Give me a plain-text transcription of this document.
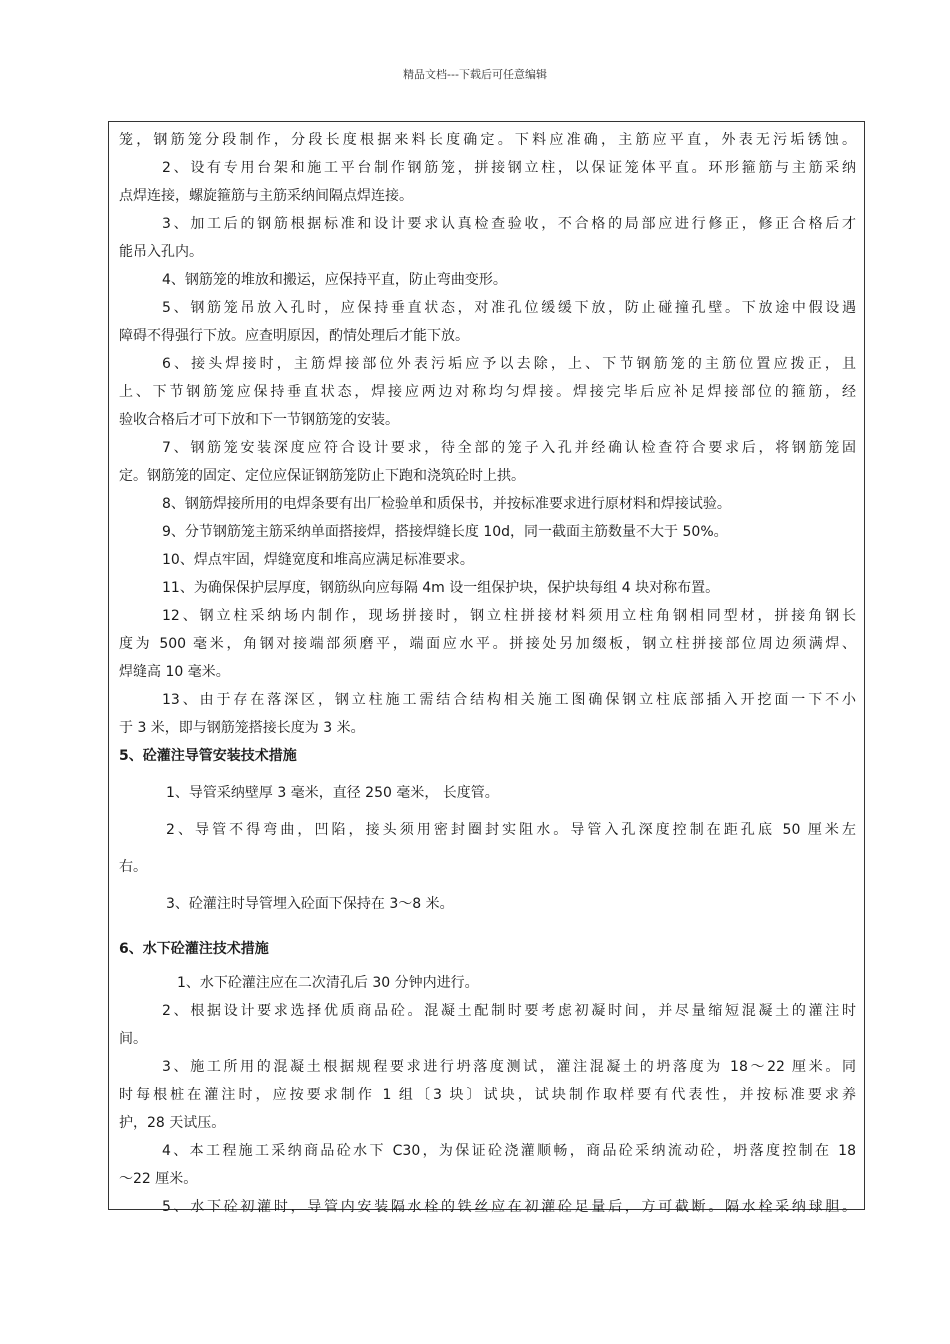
精品文档---下载后可任意编辑
笼，钢筋笼分段制作，分段长度根据来料长度确定。下料应准确，主筋应平直，外表无污垢锈蚀。
2、设有专用台架和施工平台制作钢筋笼，拼接钢立柱，以保证笼体平直。环形箍筋与主筋采纳
点焊连接，螺旋箍筋与主筋采纳间隔点焊连接。
3、加工后的钢筋根据标准和设计要求认真检查验收，不合格的局部应进行修正，修正合格后才
能吊入孔内。
4、钢筋笼的堆放和搬运，应保持平直，防止弯曲变形。
5、钢筋笼吊放入孔时，应保持垂直状态，对准孔位缓缓下放，防止碰撞孔壁。下放途中假设遇
障碍不得强行下放。应查明原因，酌情处理后才能下放。
6、接头焊接时，主筋焊接部位外表污垢应予以去除，上、下节钢筋笼的主筋位置应拨正，且
上、下节钢筋笼应保持垂直状态，焊接应两边对称均匀焊接。焊接完毕后应补足焊接部位的箍筋，经
验收合格后才可下放和下一节钢筋笼的安装。
7、钢筋笼安装深度应符合设计要求，待全部的笼子入孔并经确认检查符合要求后，将钢筋笼固
定。钢筋笼的固定、定位应保证钢筋笼防止下跑和浇筑砼时上拱。
8、钢筋焊接所用的电焊条要有出厂检验单和质保书，并按标准要求进行原材料和焊接试验。
9、分节钢筋笼主筋采纳单面搭接焊，搭接焊缝长度 10d，同一截面主筋数量不大于 50%。
10、焊点牢固，焊缝宽度和堆高应满足标准要求。
11、为确保保护层厚度，钢筋纵向应每隔 4m 设一组保护块，保护块每组 4 块对称布置。
12、钢立柱采纳场内制作，现场拼接时，钢立柱拼接材料须用立柱角钢相同型材，拼接角钢长
度为 500 毫米，角钢对接端部须磨平，端面应水平。拼接处另加缀板，钢立柱拼接部位周边须满焊、
焊缝高 10 毫米。
13、由于存在落深区，钢立柱施工需结合结构相关施工图确保钢立柱底部插入开挖面一下不小
于 3 米，即与钢筋笼搭接长度为 3 米。
5、砼灌注导管安装技术措施
1、导管采纳壁厚 3 毫米，直径 250 毫米， 长度管。
2、导管不得弯曲，凹陷，接头须用密封圈封实阻水。导管入孔深度控制在距孔底 50 厘米左
右。
3、砼灌注时导管埋入砼面下保持在 3～8 米。
6、水下砼灌注技术措施
1、水下砼灌注应在二次清孔后 30 分钟内进行。
2、根据设计要求选择优质商品砼。混凝土配制时要考虑初凝时间，并尽量缩短混凝土的灌注时
间。
3、施工所用的混凝土根据规程要求进行坍落度测试，灌注混凝土的坍落度为 18～22 厘米。同
时每根桩在灌注时，应按要求制作 1 组〔3 块〕试块，试块制作取样要有代表性，并按标准要求养
护，28 天试压。
4、本工程施工采纳商品砼水下 C30，为保证砼浇灌顺畅，商品砼采纳流动砼，坍落度控制在 18
～22 厘米。
5、水下砼初灌时，导管内安装隔水栓的铁丝应在初灌砼足量后，方可截断。隔水栓采纳球胆。
